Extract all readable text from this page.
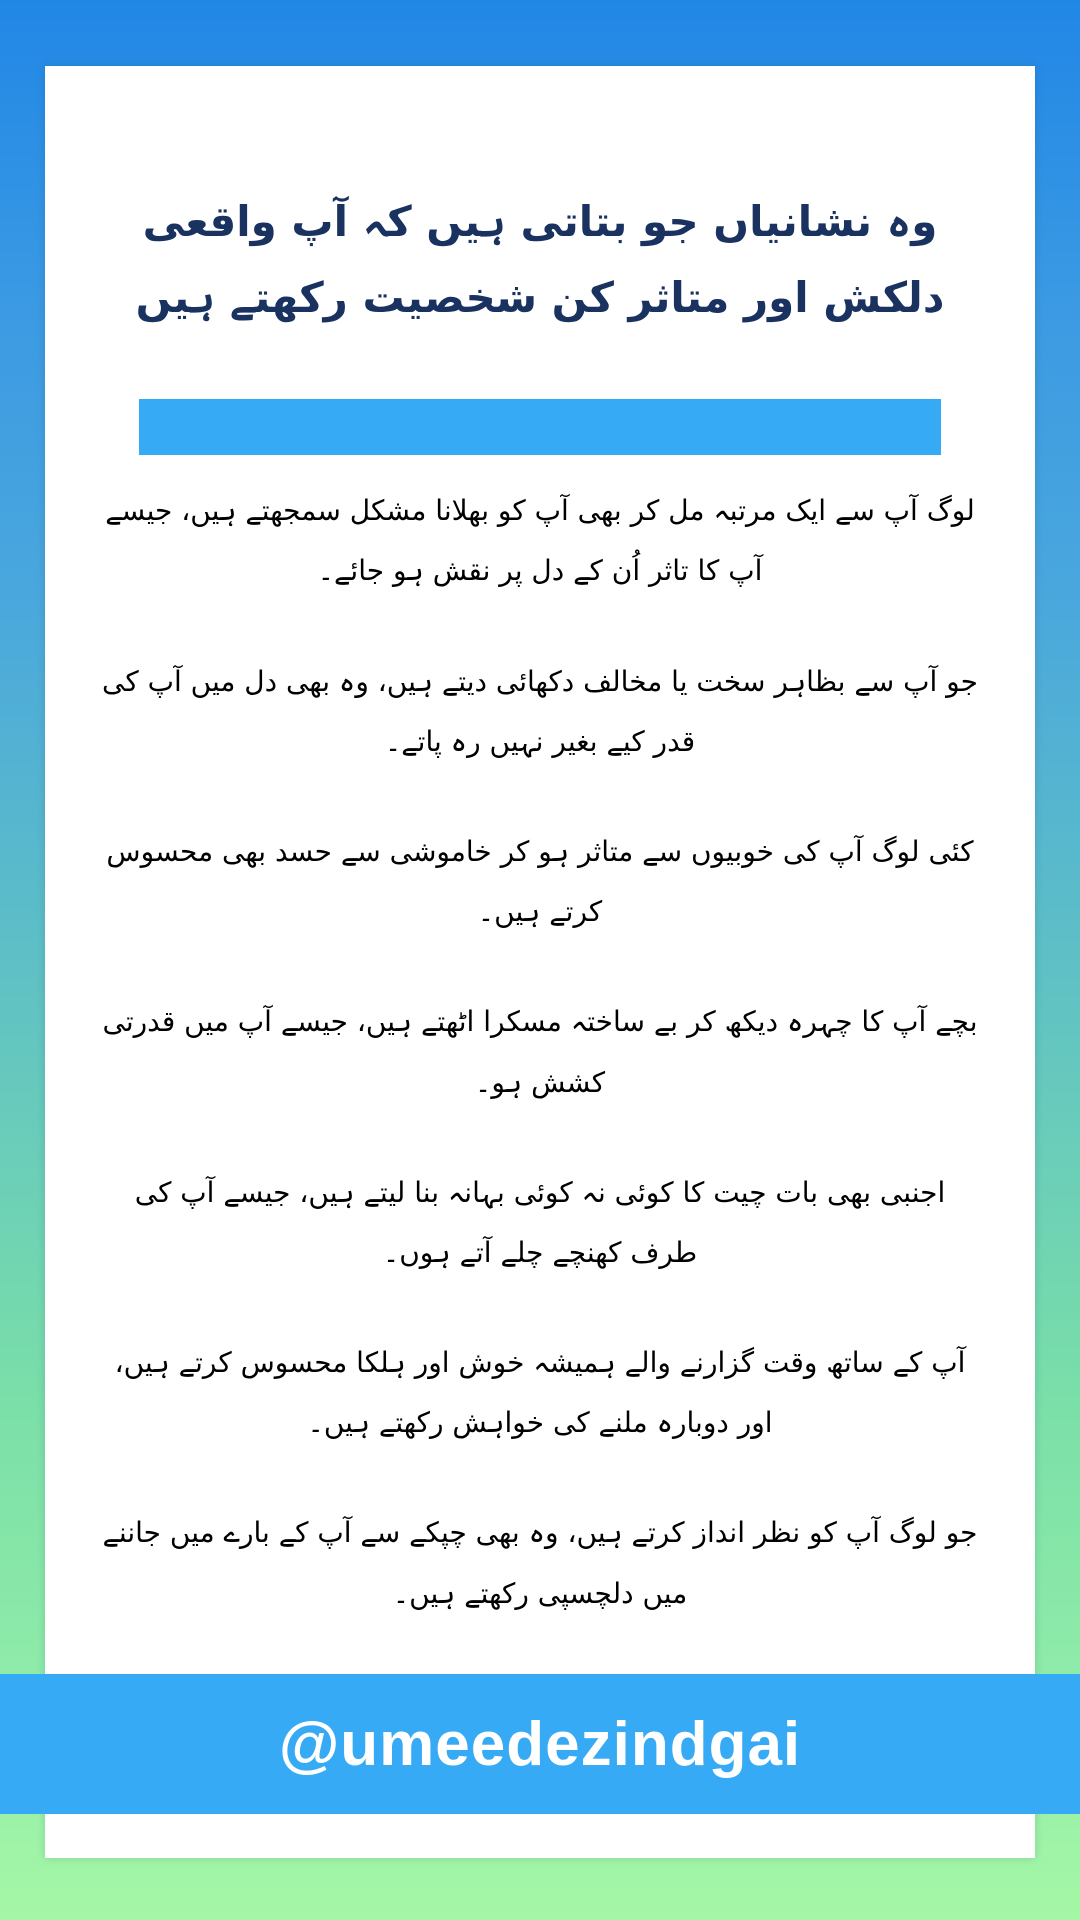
وہ نشانیاں جو بتاتی ہیں کہ آپ واقعی دلکش اور متاثر کن شخصیت رکھتے ہیں

لوگ آپ سے ایک مرتبہ مل کر بھی آپ کو بھلانا مشکل سمجھتے ہیں، جیسے آپ کا تاثر اُن کے دل پر نقش ہو جائے۔

جو آپ سے بظاہر سخت یا مخالف دکھائی دیتے ہیں، وہ بھی دل میں آپ کی قدر کیے بغیر نہیں رہ پاتے۔

کئی لوگ آپ کی خوبیوں سے متاثر ہو کر خاموشی سے حسد بھی محسوس کرتے ہیں۔

بچے آپ کا چہرہ دیکھ کر بے ساختہ مسکرا اٹھتے ہیں، جیسے آپ میں قدرتی کشش ہو۔

اجنبی بھی بات چیت کا کوئی نہ کوئی بہانہ بنا لیتے ہیں، جیسے آپ کی طرف کھنچے چلے آتے ہوں۔

آپ کے ساتھ وقت گزارنے والے ہمیشہ خوش اور ہلکا محسوس کرتے ہیں، اور دوبارہ ملنے کی خواہش رکھتے ہیں۔

جو لوگ آپ کو نظر انداز کرتے ہیں، وہ بھی چپکے سے آپ کے بارے میں جاننے میں دلچسپی رکھتے ہیں۔

@umeedezindgai
